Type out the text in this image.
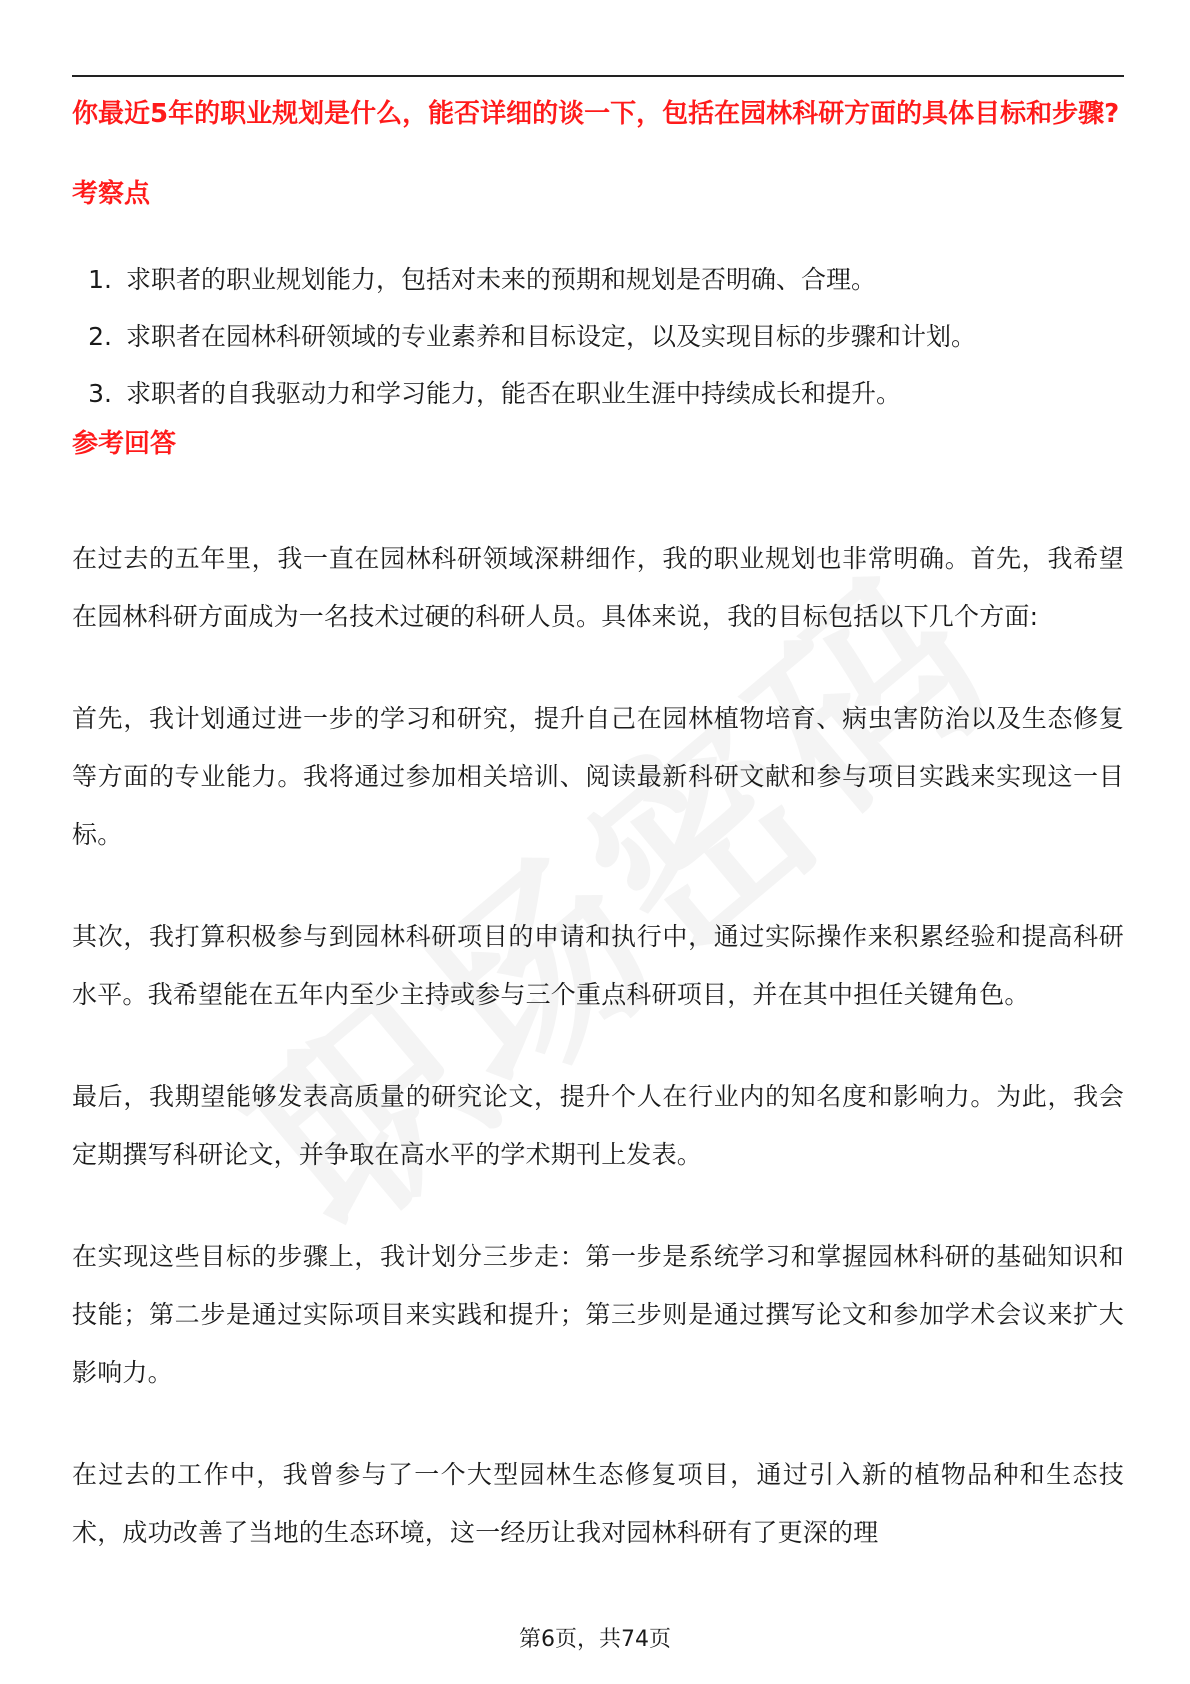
你最近5年的职业规划是什么，能否详细的谈一下，包括在园林科研方面的具体目标和步骤?

考察点

1. 求职者的职业规划能力，包括对未来的预期和规划是否明确、合理。
2. 求职者在园林科研领域的专业素养和目标设定，以及实现目标的步骤和计划。
3. 求职者的自我驱动力和学习能力，能否在职业生涯中持续成长和提升。

参考回答

在过去的五年里，我一直在园林科研领域深耕细作，我的职业规划也非常明确。首先，我希望在园林科研方面成为一名技术过硬的科研人员。具体来说，我的目标包括以下几个方面:

首先，我计划通过进一步的学习和研究，提升自己在园林植物培育、病虫害防治以及生态修复等方面的专业能力。我将通过参加相关培训、阅读最新科研文献和参与项目实践来实现这一目标。

其次，我打算积极参与到园林科研项目的申请和执行中，通过实际操作来积累经验和提高科研水平。我希望能在五年内至少主持或参与三个重点科研项目，并在其中担任关键角色。

最后，我期望能够发表高质量的研究论文，提升个人在行业内的知名度和影响力。为此，我会定期撰写科研论文，并争取在高水平的学术期刊上发表。

在实现这些目标的步骤上，我计划分三步走：第一步是系统学习和掌握园林科研的基础知识和技能；第二步是通过实际项目来实践和提升；第三步则是通过撰写论文和参加学术会议来扩大影响力。

在过去的工作中，我曾参与了一个大型园林生态修复项目，通过引入新的植物品种和生态技术，成功改善了当地的生态环境，这一经历让我对园林科研有了更深的理

第6页，共74页
